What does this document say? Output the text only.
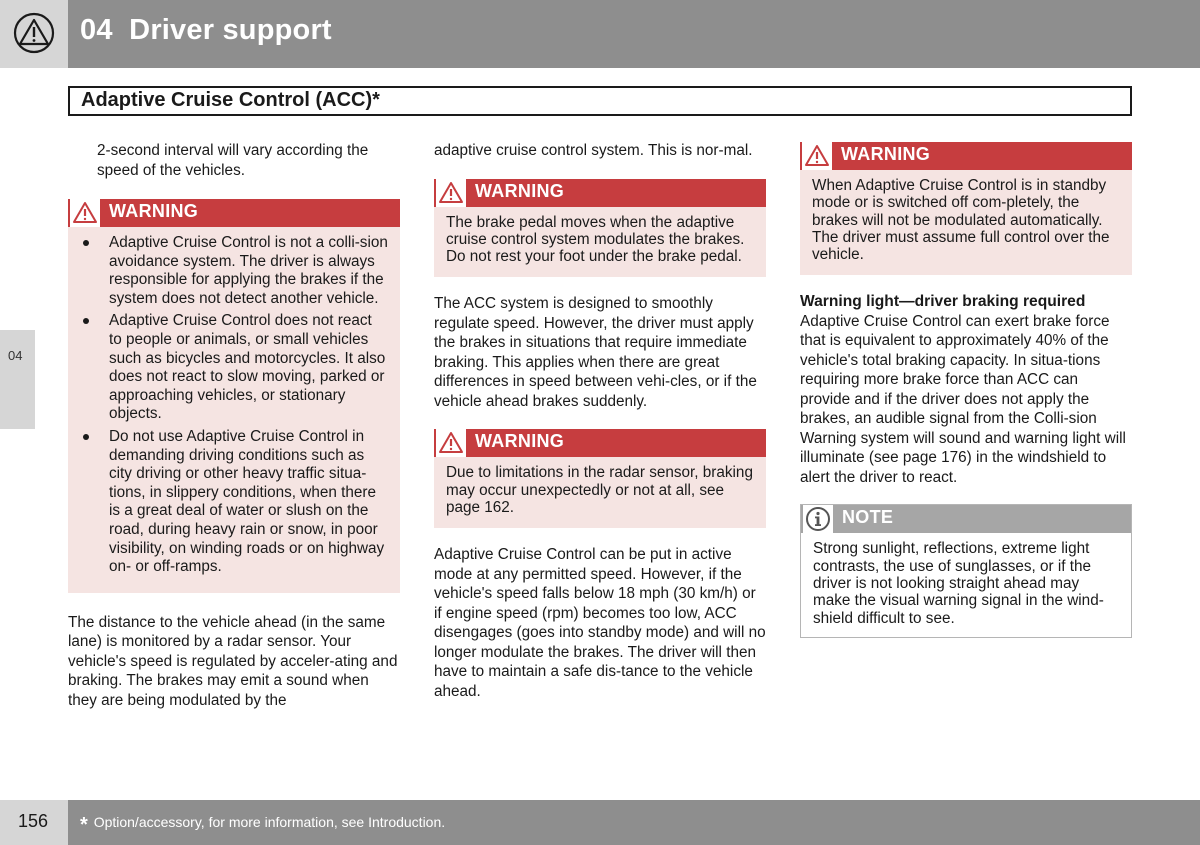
04  Driver support
Adaptive Cruise Control (ACC)*
04

2-second interval will vary according the speed of the vehicles.

WARNING
Adaptive Cruise Control is not a colli-sion avoidance system. The driver is always responsible for applying the brakes if the system does not detect another vehicle.
Adaptive Cruise Control does not react to people or animals, or small vehicles such as bicycles and motorcycles. It also does not react to slow moving, parked or approaching vehicles, or stationary objects.
Do not use Adaptive Cruise Control in demanding driving conditions such as city driving or other heavy traffic situa-tions, in slippery conditions, when there is a great deal of water or slush on the road, during heavy rain or snow, in poor visibility, on winding roads or on highway on- or off-ramps.

The distance to the vehicle ahead (in the same lane) is monitored by a radar sensor. Your vehicle's speed is regulated by acceler-ating and braking. The brakes may emit a sound when they are being modulated by the

adaptive cruise control system. This is nor-mal.

WARNING
The brake pedal moves when the adaptive cruise control system modulates the brakes. Do not rest your foot under the brake pedal.

The ACC system is designed to smoothly regulate speed. However, the driver must apply the brakes in situations that require immediate braking. This applies when there are great differences in speed between vehi-cles, or if the vehicle ahead brakes suddenly.

WARNING
Due to limitations in the radar sensor, braking may occur unexpectedly or not at all, see page 162.

Adaptive Cruise Control can be put in active mode at any permitted speed. However, if the vehicle's speed falls below 18 mph (30 km/h) or if engine speed (rpm) becomes too low, ACC disengages (goes into standby mode) and will no longer modulate the brakes. The driver will then have to maintain a safe dis-tance to the vehicle ahead.

WARNING
When Adaptive Cruise Control is in standby mode or is switched off com-pletely, the brakes will not be modulated automatically. The driver must assume full control over the vehicle.

Warning light—driver braking required

Adaptive Cruise Control can exert brake force that is equivalent to approximately 40% of the vehicle's total braking capacity. In situa-tions requiring more brake force than ACC can provide and if the driver does not apply the brakes, an audible signal from the Colli-sion Warning system will sound and warning light will illuminate (see page 176) in the windshield to alert the driver to react.

NOTE
Strong sunlight, reflections, extreme light contrasts, the use of sunglasses, or if the driver is not looking straight ahead may make the visual warning signal in the wind-shield difficult to see.
156 * Option/accessory, for more information, see Introduction.
